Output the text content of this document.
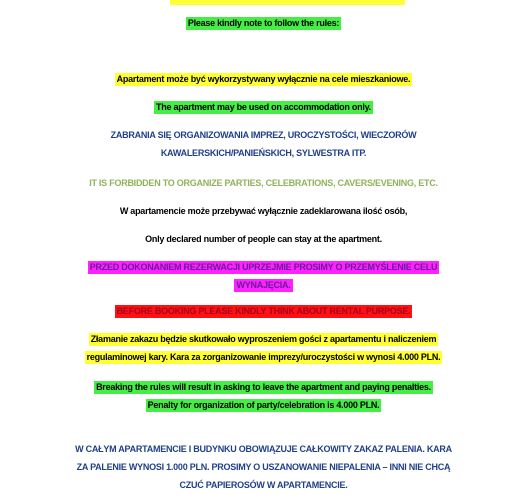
Please kindly note to follow the rules:
Apartament może być wykorzystywany wyłącznie na cele mieszkaniowe.
The apartment may be used on accommodation only.
ZABRANIA SIĘ ORGANIZOWANIA IMPREZ, UROCZYSTOŚCI, WIECZORÓW
KAWALERSKICH/PANIEŃSKICH, SYLWESTRA ITP.
IT IS FORBIDDEN TO ORGANIZE PARTIES, CELEBRATIONS, CAVERS/EVENING, ETC.
W apartamencie może przebywać wyłącznie zadeklarowana ilość osób,
Only declared number of people can stay at the apartment.
PRZED DOKONANIEM REZERWACJI UPRZEJMIE PROSIMY O PRZEMYŚLENIE CELU
WYNAJĘCIA.
BEFORE BOOKING PLEASE KINDLY THINK ABOUT RENTAL PURPOSE.
Złamanie zakazu będzie skutkowało wyproszeniem gości z apartamentu i naliczeniem
regulaminowej kary. Kara za zorganizowanie imprezy/uroczystości w wynosi 4.000 PLN.
Breaking the rules will result in asking to leave the apartment and paying penalties.
Penalty for organization of party/celebration is 4.000 PLN.
W CAŁYM APARTAMENCIE I BUDYNKU OBOWIĄZUJE CAŁKOWITY ZAKAZ PALENIA. KARA
ZA PALENIE WYNOSI 1.000 PLN. PROSIMY O USZANOWANIE NIEPALENIA – INNI NIE CHCĄ
CZUĆ PAPIEROSÓW W APARTAMENCIE.
